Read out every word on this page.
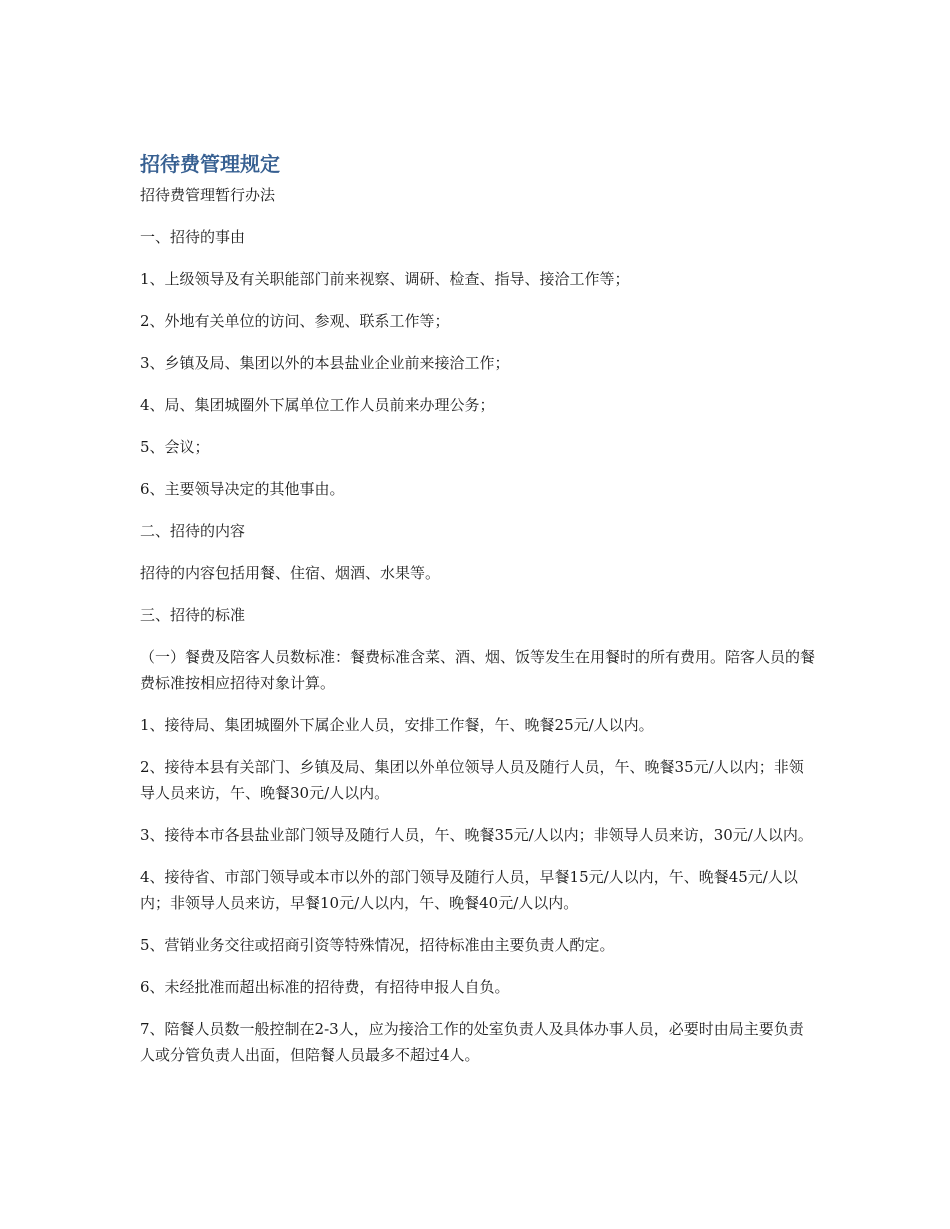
招待费管理规定

招待费管理暂行办法

一、招待的事由

1、上级领导及有关职能部门前来视察、调研、检查、指导、接洽工作等；

2、外地有关单位的访问、参观、联系工作等；

3、乡镇及局、集团以外的本县盐业企业前来接洽工作；

4、局、集团城圈外下属单位工作人员前来办理公务；

5、会议；

6、主要领导决定的其他事由。

二、招待的内容

招待的内容包括用餐、住宿、烟酒、水果等。

三、招待的标准

（一）餐费及陪客人员数标准：餐费标准含菜、酒、烟、饭等发生在用餐时的所有费用。陪客人员的餐费标准按相应招待对象计算。

1、接待局、集团城圈外下属企业人员，安排工作餐，午、晚餐25元/人以内。

2、接待本县有关部门、乡镇及局、集团以外单位领导人员及随行人员，午、晚餐35元/人以内；非领导人员来访，午、晚餐30元/人以内。

3、接待本市各县盐业部门领导及随行人员，午、晚餐35元/人以内；非领导人员来访，30元/人以内。

4、接待省、市部门领导或本市以外的部门领导及随行人员，早餐15元/人以内，午、晚餐45元/人以内；非领导人员来访，早餐10元/人以内，午、晚餐40元/人以内。

5、营销业务交往或招商引资等特殊情况，招待标准由主要负责人酌定。

6、未经批准而超出标准的招待费，有招待申报人自负。

7、陪餐人员数一般控制在2-3人，应为接洽工作的处室负责人及具体办事人员，必要时由局主要负责人或分管负责人出面，但陪餐人员最多不超过4人。
